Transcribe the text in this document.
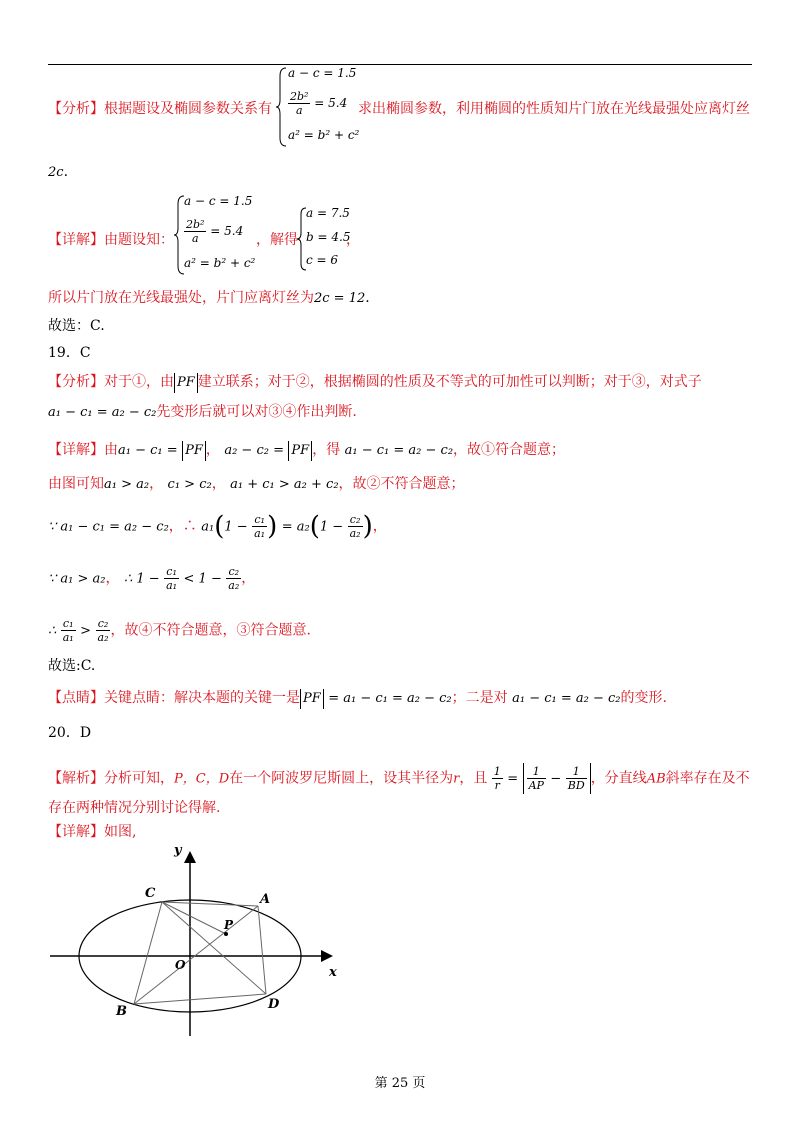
【分析】根据题设及椭圆参数关系有
a − c = 1.5
$\frac{\text{2b²}}{a} = 5.4$
a² = b² + c²
求出椭圆参数，利用椭圆的性质知片门放在光线最强处应离灯丝
2c.
【详解】由题设知：
a − c = 1.5
$\frac{\text{2b²}}{a} = 5.4$
a² = b² + c²
，解得
a = 7.5
b = 4.5
c = 6
，
所以片门放在光线最强处，片门应离灯丝为2c = 12.
故选：C.
19．C
【分析】对于①，由 PF 建立联系；对于②，根据椭圆的性质及不等式的可加性可以判断；对于③，对式子
a₁ − c₁ = a₂ − c₂先变形后就可以对③④作出判断.
【详解】由a₁ − c₁ = PF ， a₂ − c₂ = PF ，得 a₁ − c₁ = a₂ − c₂，故①符合题意；
由图可知a₁ > a₂， c₁ > c₂， a₁ + c₁ > a₂ + c₂，故②不符合题意；
∵ a₁ − c₁ = a₂ − c₂，∴ $a_1(1 - \frac{\text{c₁}}{\text{a₁}}$ ) = $a_2(1 - \frac{\text{c₂}}{\text{a₂}}$ )，
∵ a₁ > a₂， ∴ $1 - \frac{\text{c₁}}{\text{a₁}} < 1 - \frac{\text{c₂}}{\text{a₂}}$ ，
∴ $\frac{\text{c₁}}{\text{a₁}} > \frac{\text{c₂}}{\text{a₂}}$ ，故④不符合题意，③符合题意.
故选:C.
【点睛】关键点睛：解决本题的关键一是 PF = a₁ − c₁ = a₂ − c₂；二是对 a₁ − c₁ = a₂ − c₂的变形.
20．D
【解析】分析可知，P，C，D在一个阿波罗尼斯圆上，设其半径为r，且 $\frac{1}{r} = \frac{1}{AP} - \frac{1}{BD}$ ，分直线AB斜率存在及不
存在两种情况分别讨论得解.
【详解】如图,
C	A
P
O	x
y
B	D
第 25 页
